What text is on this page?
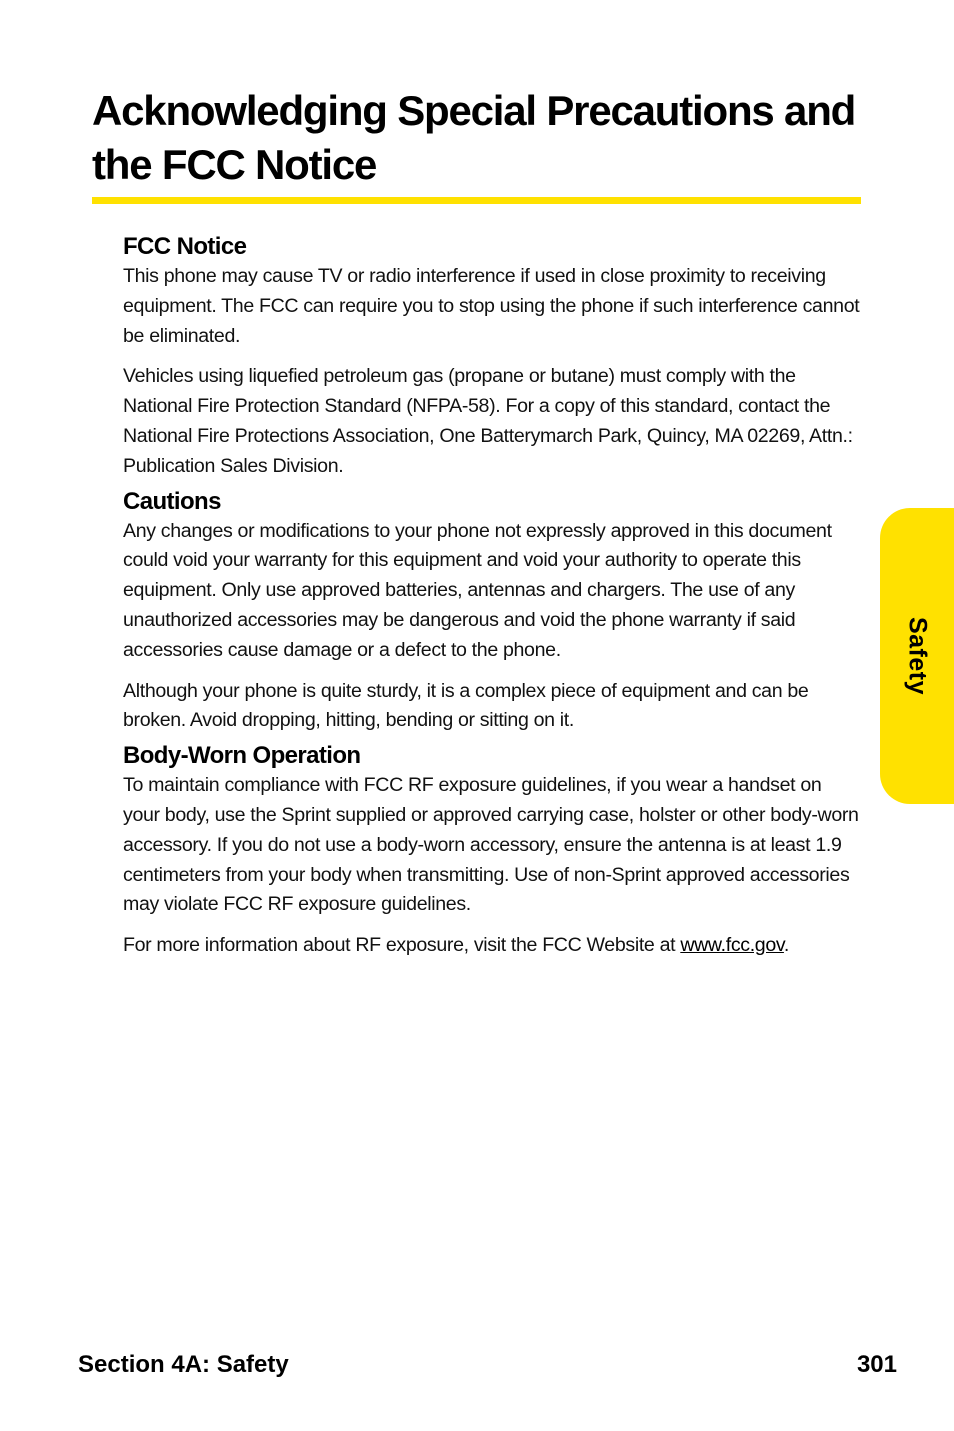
Acknowledging Special Precautions and the FCC Notice
FCC Notice

This phone may cause TV or radio interference if used in close proximity to receiving equipment. The FCC can require you to stop using the phone if such interference cannot be eliminated.

Vehicles using liquefied petroleum gas (propane or butane) must comply with the National Fire Protection Standard (NFPA-58). For a copy of this standard, contact the National Fire Protections Association, One Batterymarch Park, Quincy, MA 02269, Attn.: Publication Sales Division.

Cautions

Any changes or modifications to your phone not expressly approved in this document could void your warranty for this equipment and void your authority to operate this equipment. Only use approved batteries, antennas and chargers. The use of any unauthorized accessories may be dangerous and void the phone warranty if said accessories cause damage or a defect to the phone.

Although your phone is quite sturdy, it is a complex piece of equipment and can be broken. Avoid dropping, hitting, bending or sitting on it.

Body-Worn Operation

To maintain compliance with FCC RF exposure guidelines, if you wear a handset on your body, use the Sprint supplied or approved carrying case, holster or other body-worn accessory. If you do not use a body-worn accessory, ensure the antenna is at least 1.9 centimeters from your body when transmitting. Use of non-Sprint approved accessories may violate FCC RF exposure guidelines.

For more information about RF exposure, visit the FCC Website at www.fcc.gov.

Safety
Section 4A: Safety	301
